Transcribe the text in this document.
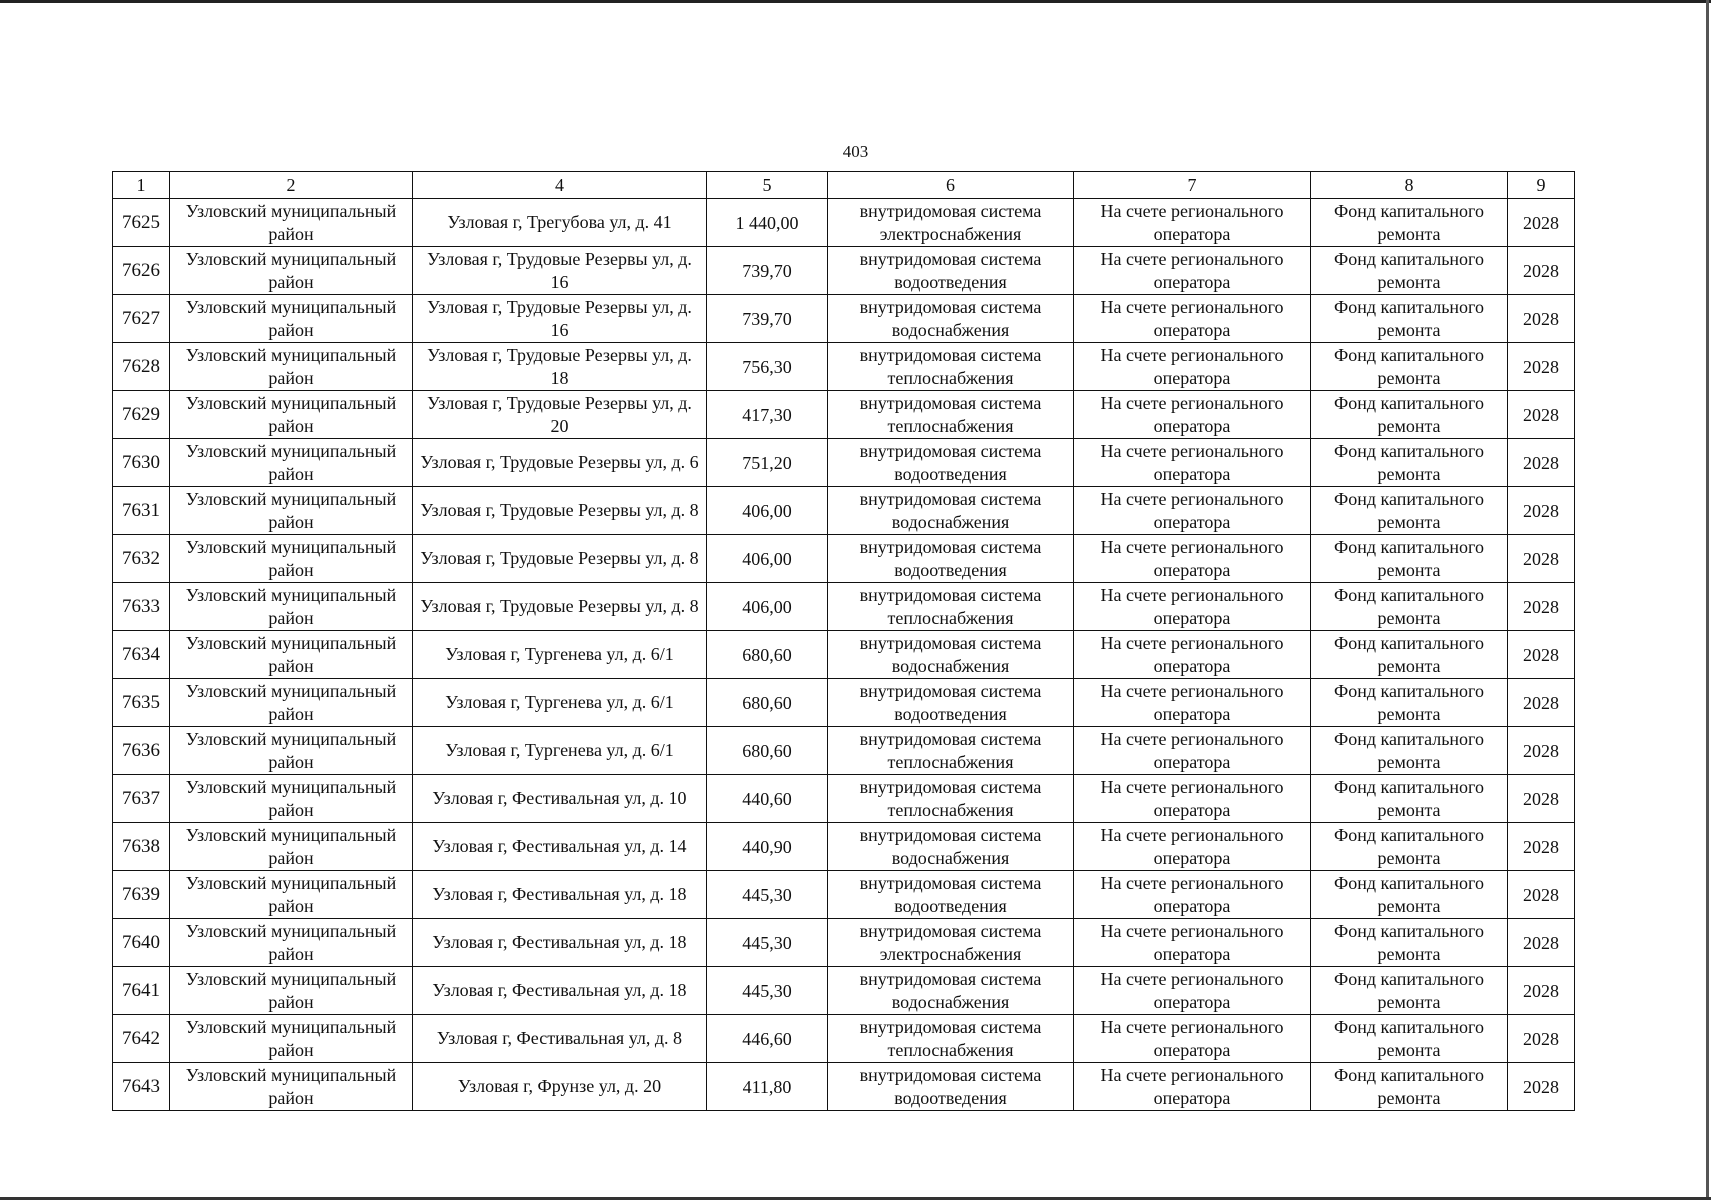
403
1	2	4	5	6	7	8	9
7625	Узловский муниципальный район	Узловая г, Трегубова ул, д. 41	1 440,00	внутридомовая система электроснабжения	На счете регионального оператора	Фонд капитального ремонта	2028
7626	Узловский муниципальный район	Узловая г, Трудовые Резервы ул, д. 16	739,70	внутридомовая система водоотведения	На счете регионального оператора	Фонд капитального ремонта	2028
7627	Узловский муниципальный район	Узловая г, Трудовые Резервы ул, д. 16	739,70	внутридомовая система водоснабжения	На счете регионального оператора	Фонд капитального ремонта	2028
7628	Узловский муниципальный район	Узловая г, Трудовые Резервы ул, д. 18	756,30	внутридомовая система теплоснабжения	На счете регионального оператора	Фонд капитального ремонта	2028
7629	Узловский муниципальный район	Узловая г, Трудовые Резервы ул, д. 20	417,30	внутридомовая система теплоснабжения	На счете регионального оператора	Фонд капитального ремонта	2028
7630	Узловский муниципальный район	Узловая г, Трудовые Резервы ул, д. 6	751,20	внутридомовая система водоотведения	На счете регионального оператора	Фонд капитального ремонта	2028
7631	Узловский муниципальный район	Узловая г, Трудовые Резервы ул, д. 8	406,00	внутридомовая система водоснабжения	На счете регионального оператора	Фонд капитального ремонта	2028
7632	Узловский муниципальный район	Узловая г, Трудовые Резервы ул, д. 8	406,00	внутридомовая система водоотведения	На счете регионального оператора	Фонд капитального ремонта	2028
7633	Узловский муниципальный район	Узловая г, Трудовые Резервы ул, д. 8	406,00	внутридомовая система теплоснабжения	На счете регионального оператора	Фонд капитального ремонта	2028
7634	Узловский муниципальный район	Узловая г, Тургенева ул, д. 6/1	680,60	внутридомовая система водоснабжения	На счете регионального оператора	Фонд капитального ремонта	2028
7635	Узловский муниципальный район	Узловая г, Тургенева ул, д. 6/1	680,60	внутридомовая система водоотведения	На счете регионального оператора	Фонд капитального ремонта	2028
7636	Узловский муниципальный район	Узловая г, Тургенева ул, д. 6/1	680,60	внутридомовая система теплоснабжения	На счете регионального оператора	Фонд капитального ремонта	2028
7637	Узловский муниципальный район	Узловая г, Фестивальная ул, д. 10	440,60	внутридомовая система теплоснабжения	На счете регионального оператора	Фонд капитального ремонта	2028
7638	Узловский муниципальный район	Узловая г, Фестивальная ул, д. 14	440,90	внутридомовая система водоснабжения	На счете регионального оператора	Фонд капитального ремонта	2028
7639	Узловский муниципальный район	Узловая г, Фестивальная ул, д. 18	445,30	внутридомовая система водоотведения	На счете регионального оператора	Фонд капитального ремонта	2028
7640	Узловский муниципальный район	Узловая г, Фестивальная ул, д. 18	445,30	внутридомовая система электроснабжения	На счете регионального оператора	Фонд капитального ремонта	2028
7641	Узловский муниципальный район	Узловая г, Фестивальная ул, д. 18	445,30	внутридомовая система водоснабжения	На счете регионального оператора	Фонд капитального ремонта	2028
7642	Узловский муниципальный район	Узловая г, Фестивальная ул, д. 8	446,60	внутридомовая система теплоснабжения	На счете регионального оператора	Фонд капитального ремонта	2028
7643	Узловский муниципальный район	Узловая г, Фрунзе ул, д. 20	411,80	внутридомовая система водоотведения	На счете регионального оператора	Фонд капитального ремонта	2028
